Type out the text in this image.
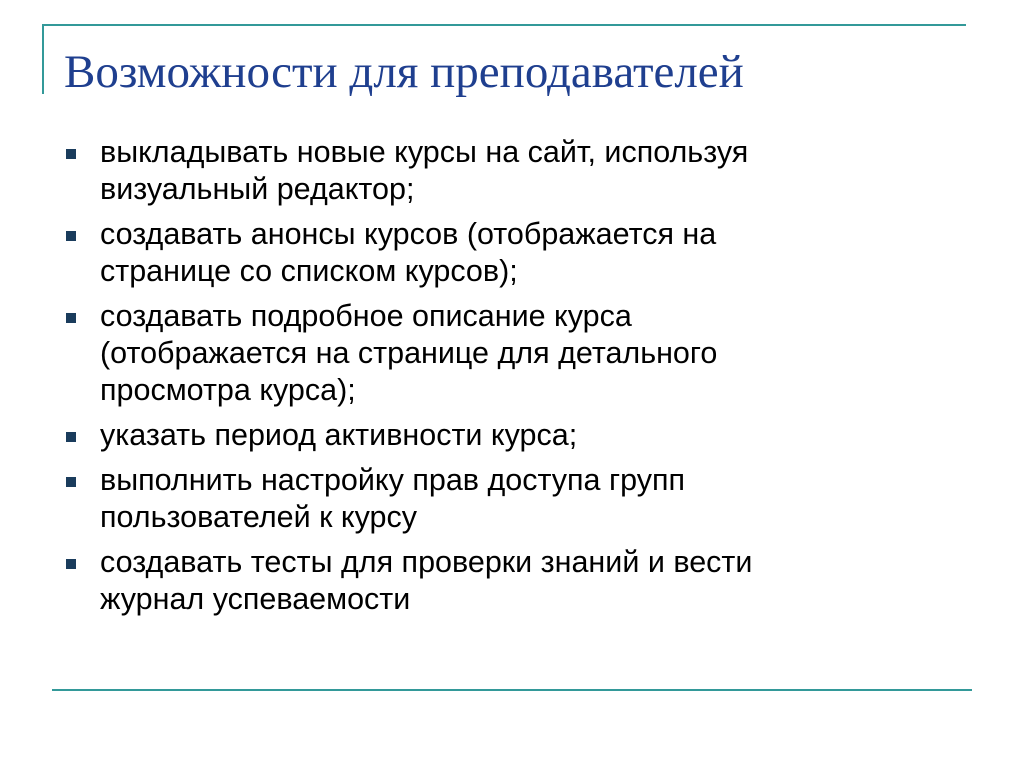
Возможности для преподавателей
выкладывать новые курсы на сайт, используя
визуальный редактор;
создавать анонсы курсов (отображается на
странице со списком курсов);
создавать подробное описание курса
(отображается на странице для детального
просмотра курса);
указать период активности курса;
выполнить настройку прав доступа групп
пользователей к курсу
создавать тесты для проверки знаний и вести
журнал успеваемости
